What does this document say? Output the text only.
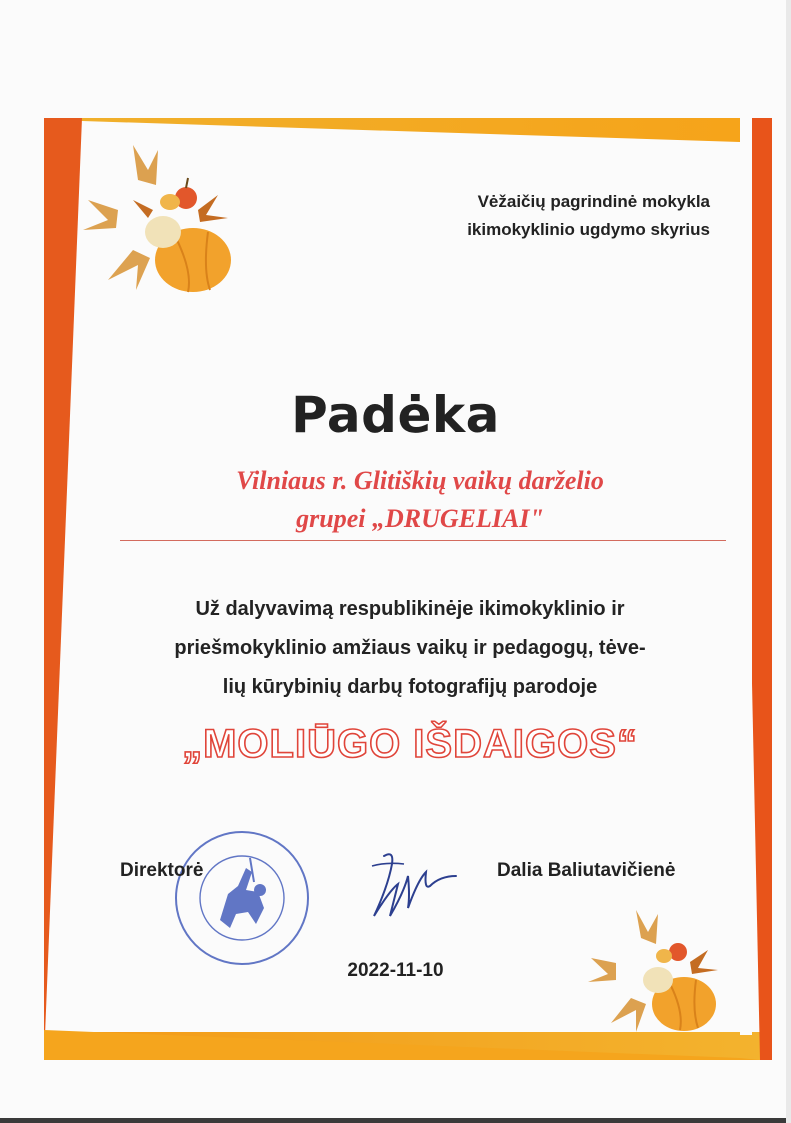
Vėžaičių pagrindinė mokykla
ikimokyklinio ugdymo skyrius
Padėka
Vilniaus r. Glitiškių vaikų darželio
grupei „DRUGELIAI"
Už dalyvavimą respublikinėje ikimokyklinio ir
priešmokyklinio amžiaus vaikų ir pedagogų, tėve-
lių kūrybinių darbų fotografijų parodoje
„MOLIŪGO IŠDAIGOS“
Direktorė	Dalia Baliutavičienė
2022-11-10
